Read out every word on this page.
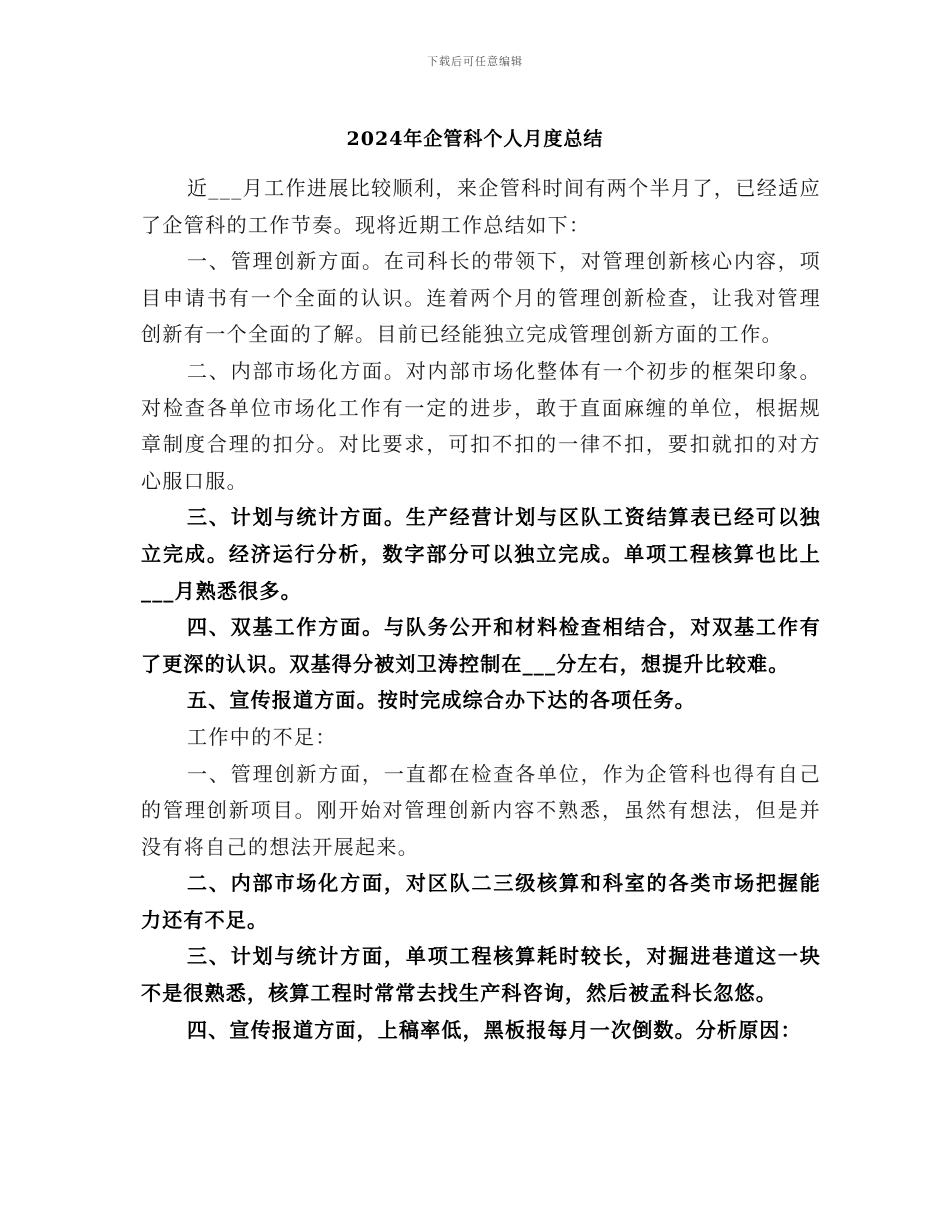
下载后可任意编辑
2024年企管科个人月度总结

近___月工作进展比较顺利，来企管科时间有两个半月了，已经适应了企管科的工作节奏。现将近期工作总结如下：

一、管理创新方面。在司科长的带领下，对管理创新核心内容，项目申请书有一个全面的认识。连着两个月的管理创新检查，让我对管理创新有一个全面的了解。目前已经能独立完成管理创新方面的工作。

二、内部市场化方面。对内部市场化整体有一个初步的框架印象。对检查各单位市场化工作有一定的进步，敢于直面麻缠的单位，根据规章制度合理的扣分。对比要求，可扣不扣的一律不扣，要扣就扣的对方心服口服。

三、计划与统计方面。生产经营计划与区队工资结算表已经可以独立完成。经济运行分析，数字部分可以独立完成。单项工程核算也比上___月熟悉很多。

四、双基工作方面。与队务公开和材料检查相结合，对双基工作有了更深的认识。双基得分被刘卫涛控制在___分左右，想提升比较难。

五、宣传报道方面。按时完成综合办下达的各项任务。

工作中的不足：

一、管理创新方面，一直都在检查各单位，作为企管科也得有自己的管理创新项目。刚开始对管理创新内容不熟悉，虽然有想法，但是并没有将自己的想法开展起来。

二、内部市场化方面，对区队二三级核算和科室的各类市场把握能力还有不足。

三、计划与统计方面，单项工程核算耗时较长，对掘进巷道这一块不是很熟悉，核算工程时常常去找生产科咨询，然后被孟科长忽悠。

四、宣传报道方面，上稿率低，黑板报每月一次倒数。分析原因：
